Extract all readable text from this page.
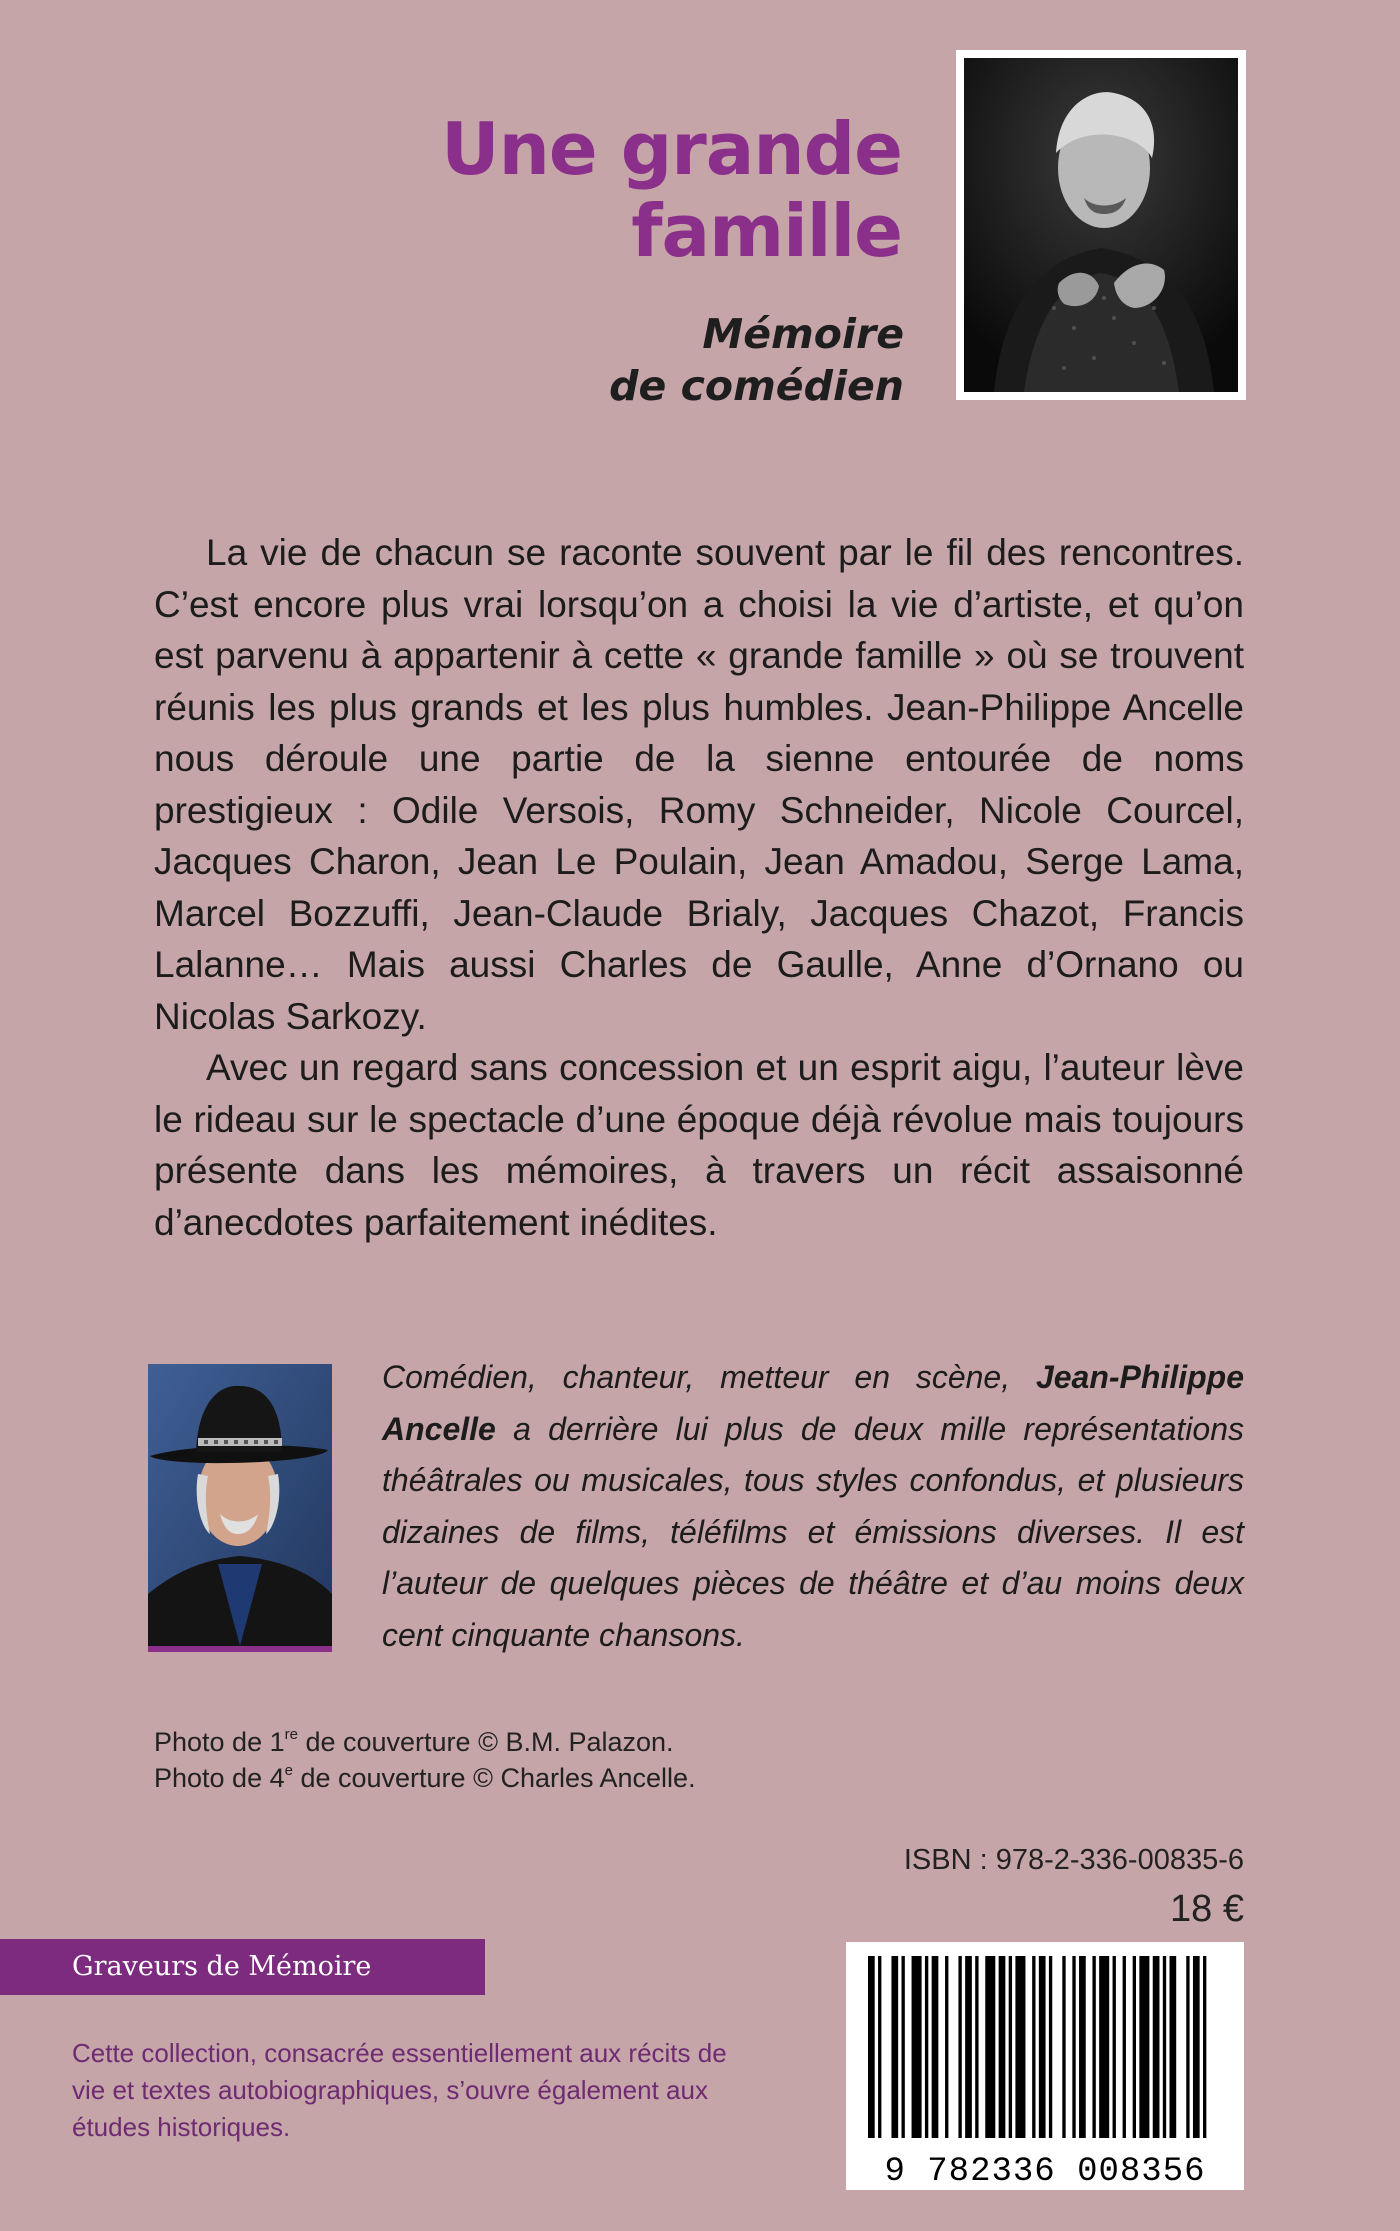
Une grande
famille
Mémoire
de comédien

La vie de chacun se raconte souvent par le fil des rencontres. C’est encore plus vrai lorsqu’on a choisi la vie d’artiste, et qu’on est parvenu à appartenir à cette « grande famille » où se trouvent réunis les plus grands et les plus humbles. Jean-Philippe Ancelle nous déroule une partie de la sienne entourée de noms prestigieux : Odile Versois, Romy Schneider, Nicole Courcel, Jacques Charon, Jean Le Poulain, Jean Amadou, Serge Lama, Marcel Bozzuffi, Jean-Claude Brialy, Jacques Chazot, Francis Lalanne… Mais aussi Charles de Gaulle, Anne d’Ornano ou Nicolas Sarkozy.

Avec un regard sans concession et un esprit aigu, l’auteur lève le rideau sur le spectacle d’une époque déjà révolue mais toujours présente dans les mémoires, à travers un récit assaisonné d’anecdotes parfaitement inédites.

Comédien, chanteur, metteur en scène, Jean-Philippe Ancelle a derrière lui plus de deux mille représentations théâtrales ou musicales, tous styles confondus, et plusieurs dizaines de films, téléfilms et émissions diverses. Il est l’auteur de quelques pièces de théâtre et d’au moins deux cent cinquante chansons.

Photo de 1re de couverture © B.M. Palazon.

Photo de 4e de couverture © Charles Ancelle.

ISBN : 978-2-336-00835-6
18 €
Graveurs de Mémoire

Cette collection, consacrée essentiellement aux récits de vie et textes autobiographiques, s’ouvre également aux études historiques.

9 782336 008356
